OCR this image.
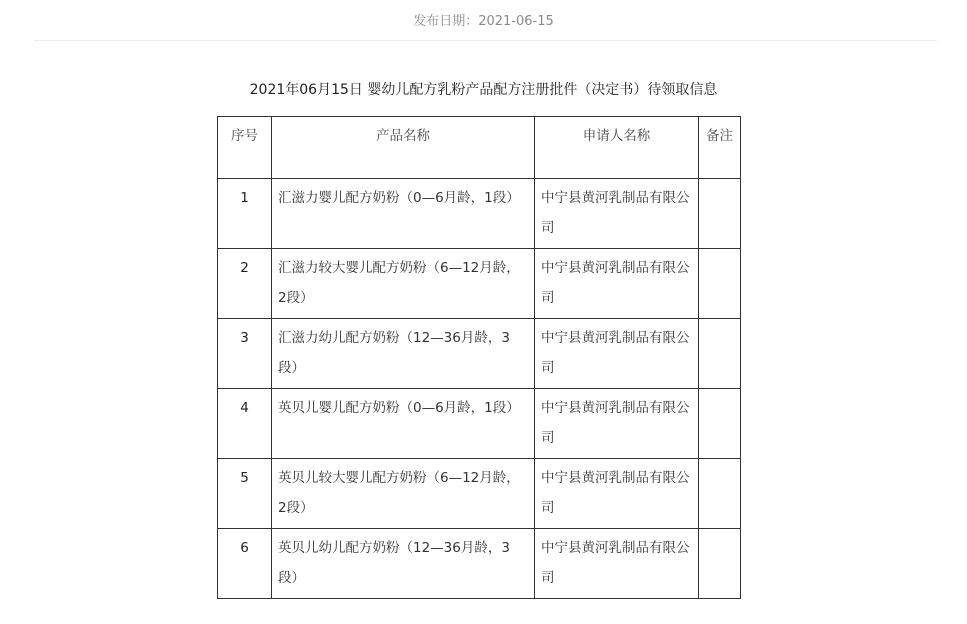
发布日期：2021-06-15
2021年06月15日 婴幼儿配方乳粉产品配方注册批件（决定书）待领取信息
序号	产品名称	申请人名称	备注
1	汇滋力婴儿配方奶粉（0—6月龄，1段）	中宁县黄河乳制品有限公司	
2	汇滋力较大婴儿配方奶粉（6—12月龄，2段）	中宁县黄河乳制品有限公司	
3	汇滋力幼儿配方奶粉（12—36月龄，3段）	中宁县黄河乳制品有限公司	
4	英贝儿婴儿配方奶粉（0—6月龄，1段）	中宁县黄河乳制品有限公司	
5	英贝儿较大婴儿配方奶粉（6—12月龄，2段）	中宁县黄河乳制品有限公司	
6	英贝儿幼儿配方奶粉（12—36月龄，3段）	中宁县黄河乳制品有限公司	
